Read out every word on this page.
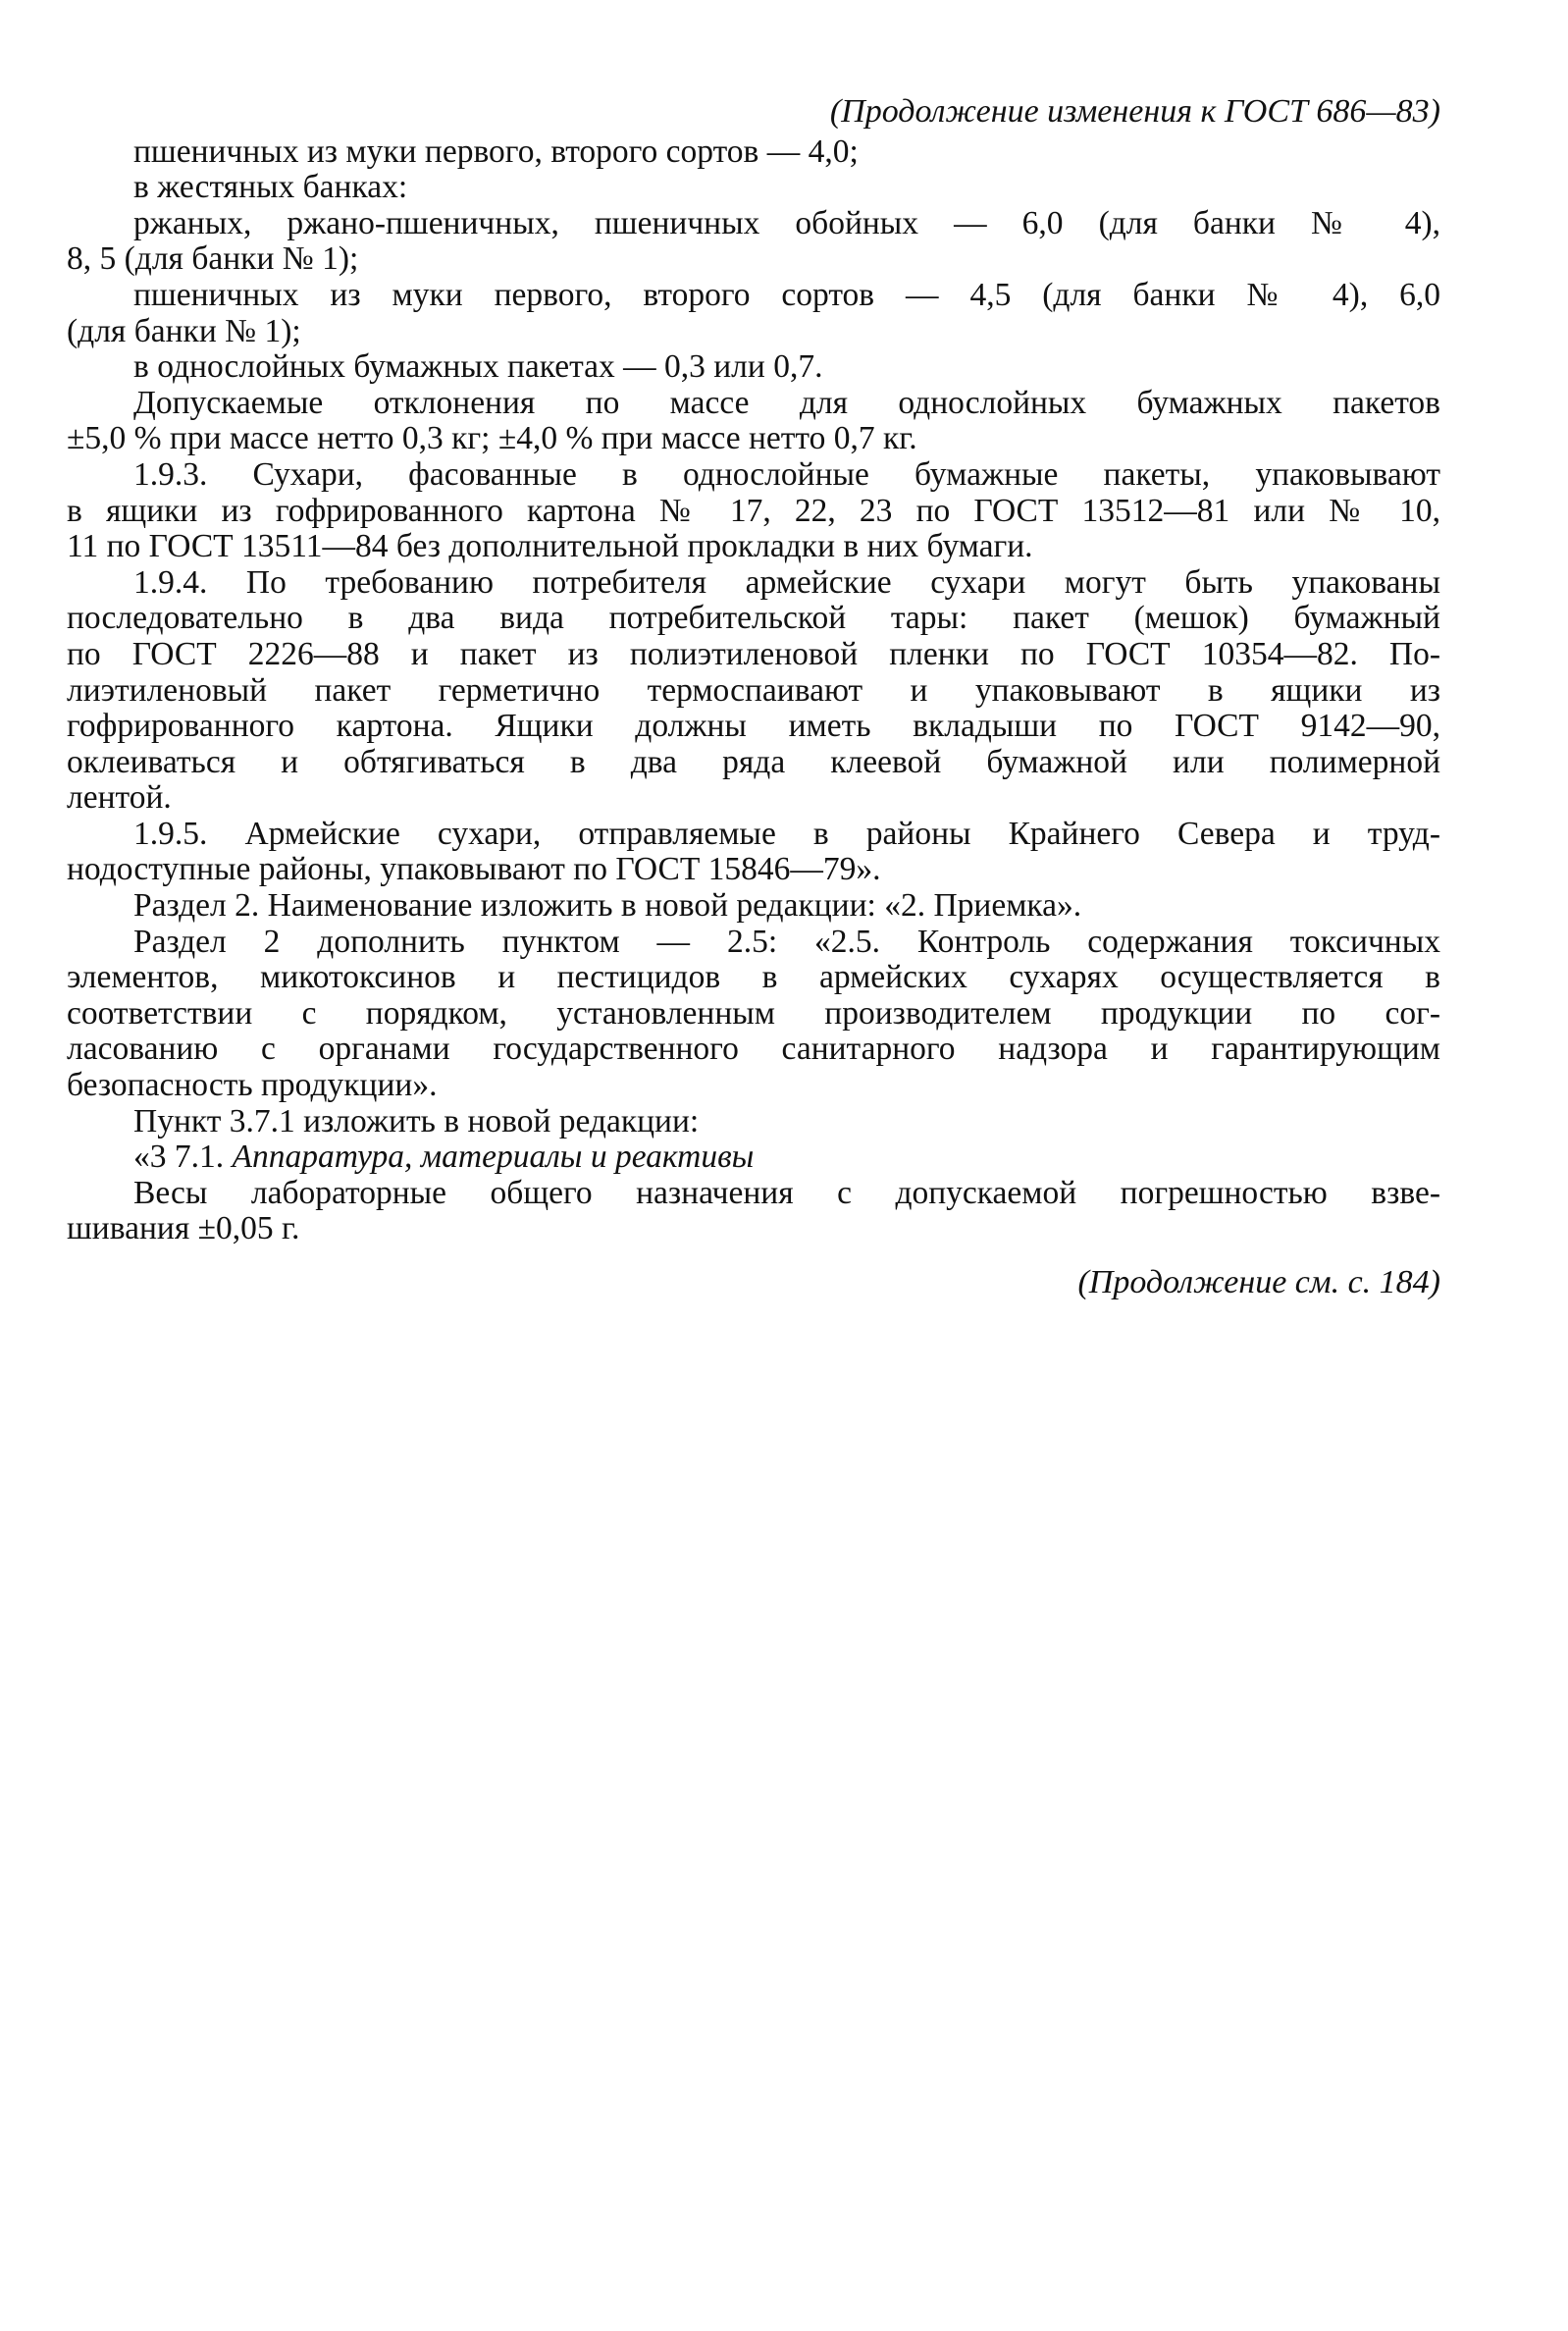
(Продолжение изменения к ГОСТ 686—83)
пшеничных из муки первого, второго сортов — 4,0;
в жестяных банках:
ржаных, ржано-пшеничных, пшеничных обойных — 6,0 (для банки № 4),
8, 5 (для банки № 1);
пшеничных из муки первого, второго сортов — 4,5 (для банки № 4), 6,0
(для банки № 1);
в однослойных бумажных пакетах — 0,3 или 0,7.
Допускаемые отклонения по массе для однослойных бумажных пакетов
±5,0 % при массе нетто 0,3 кг; ±4,0 % при массе нетто 0,7 кг.
1.9.3. Сухари, фасованные в однослойные бумажные пакеты, упаковывают
в ящики из гофрированного картона № 17, 22, 23 по ГОСТ 13512—81 или № 10,
11 по ГОСТ 13511—84 без дополнительной прокладки в них бумаги.
1.9.4. По требованию потребителя армейские сухари могут быть упакованы
последовательно в два вида потребительской тары: пакет (мешок) бумажный
по ГОСТ 2226—88 и пакет из полиэтиленовой пленки по ГОСТ 10354—82. По-
лиэтиленовый пакет герметично термоспаивают и упаковывают в ящики из
гофрированного картона. Ящики должны иметь вкладыши по ГОСТ 9142—90,
оклеиваться и обтягиваться в два ряда клеевой бумажной или полимерной
лентой.
1.9.5. Армейские сухари, отправляемые в районы Крайнего Севера и труд-
нодоступные районы, упаковывают по ГОСТ 15846—79».
Раздел 2. Наименование изложить в новой редакции: «2. Приемка».
Раздел 2 дополнить пунктом — 2.5: «2.5. Контроль содержания токсичных
элементов, микотоксинов и пестицидов в армейских сухарях осуществляется в
соответствии с порядком, установленным производителем продукции по сог-
ласованию с органами государственного санитарного надзора и гарантирующим
безопасность продукции».
Пункт 3.7.1 изложить в новой редакции:
«3 7.1. Аппаратура, материалы и реактивы
Весы лабораторные общего назначения с допускаемой погрешностью взве-
шивания ±0,05 г.
(Продолжение см. с. 184)
